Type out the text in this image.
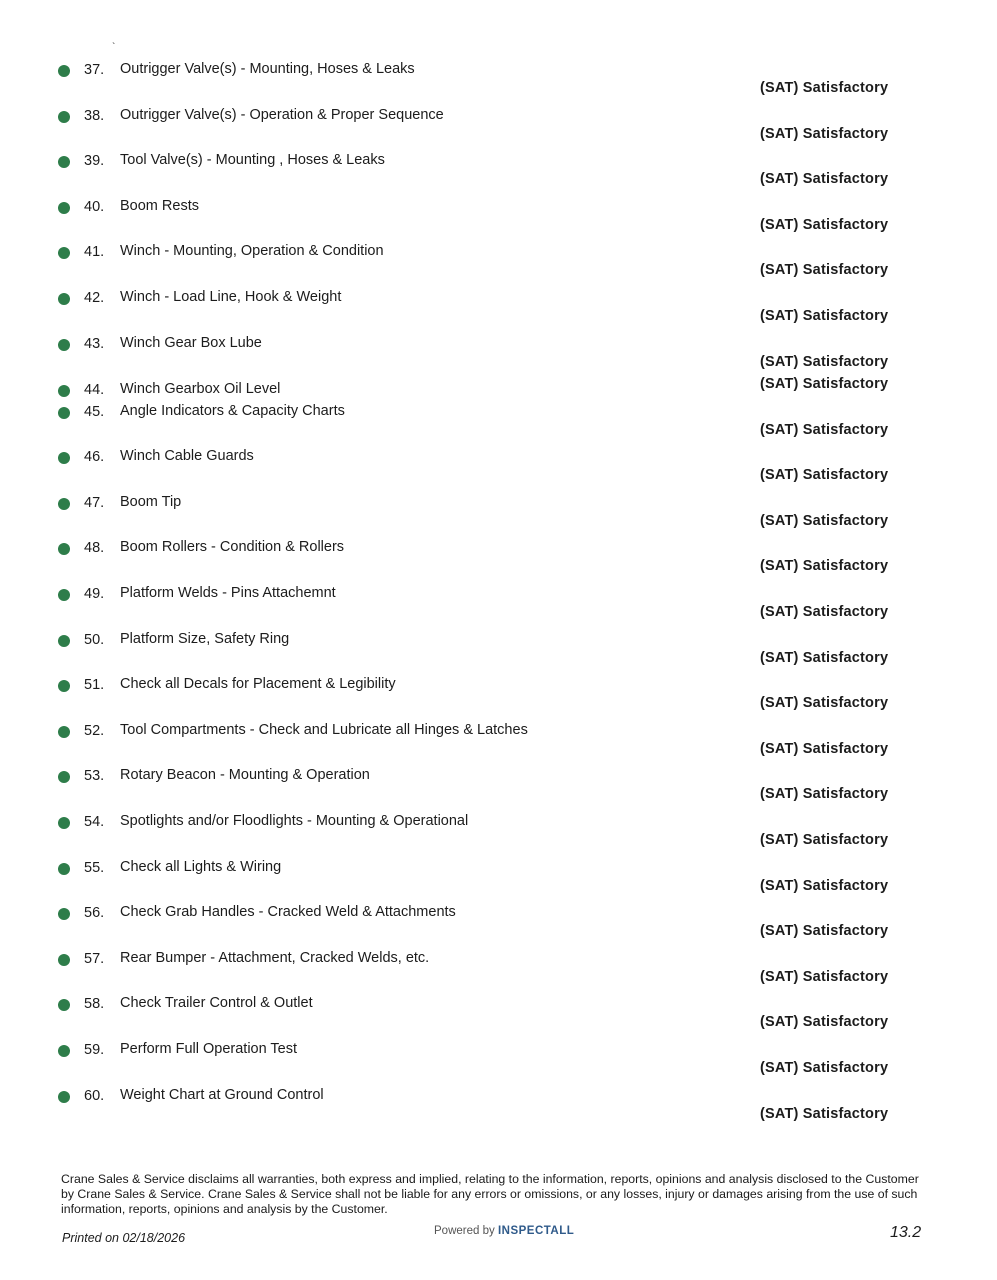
`
37.	Outrigger Valve(s) - Mounting, Hoses & Leaks
(SAT) Satisfactory
38.	Outrigger Valve(s) - Operation & Proper Sequence
(SAT) Satisfactory
39.	Tool Valve(s) - Mounting , Hoses & Leaks
(SAT) Satisfactory
40.	Boom Rests
(SAT) Satisfactory
41.	Winch - Mounting, Operation & Condition
(SAT) Satisfactory
42.	Winch - Load Line, Hook & Weight
(SAT) Satisfactory
43.	Winch Gear Box Lube
(SAT) Satisfactory
44.	Winch Gearbox Oil Level	(SAT) Satisfactory
45.	Angle Indicators & Capacity Charts
(SAT) Satisfactory
46.	Winch Cable Guards
(SAT) Satisfactory
47.	Boom Tip
(SAT) Satisfactory
48.	Boom Rollers - Condition & Rollers
(SAT) Satisfactory
49.	Platform Welds - Pins Attachemnt
(SAT) Satisfactory
50.	Platform Size, Safety Ring
(SAT) Satisfactory
51.	Check all Decals for Placement & Legibility
(SAT) Satisfactory
52.	Tool Compartments - Check and Lubricate all Hinges & Latches
(SAT) Satisfactory
53.	Rotary Beacon - Mounting & Operation
(SAT) Satisfactory
54.	Spotlights and/or Floodlights - Mounting & Operational
(SAT) Satisfactory
55.	Check all Lights & Wiring
(SAT) Satisfactory
56.	Check Grab Handles - Cracked Weld & Attachments
(SAT) Satisfactory
57.	Rear Bumper - Attachment, Cracked Welds, etc.
(SAT) Satisfactory
58.	Check Trailer Control & Outlet
(SAT) Satisfactory
59.	Perform Full Operation Test
(SAT) Satisfactory
60.	Weight Chart at Ground Control
(SAT) Satisfactory
Crane Sales & Service disclaims all warranties, both express and implied, relating to the information, reports, opinions and analysis disclosed to the Customer by Crane Sales & Service. Crane Sales & Service shall not be liable for any errors or omissions, or any losses, injury or damages arising from the use of such information, reports, opinions and analysis by the Customer.
Printed on 02/18/2026	Powered by INSPECTALL	13.2
